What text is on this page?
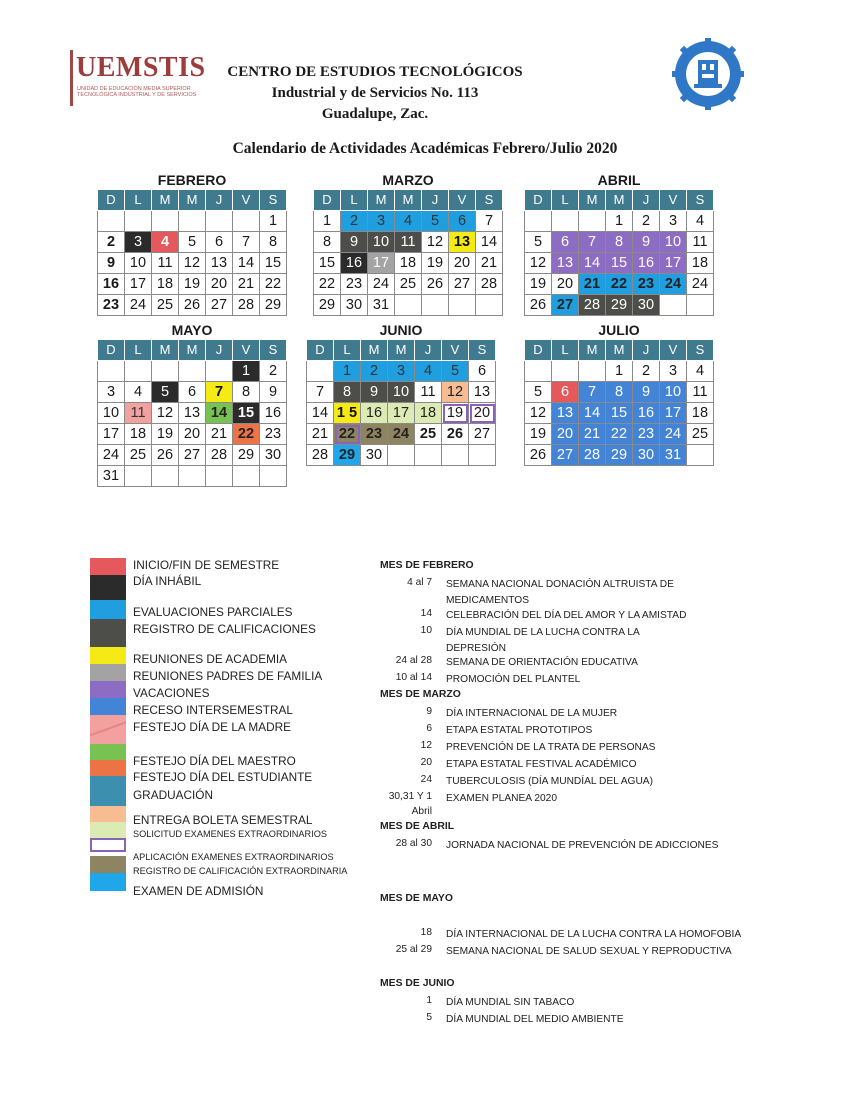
UEMSTIS
UNIDAD DE EDUCACIÓN MEDIA SUPERIOR TECNOLÓGICA INDUSTRIAL Y DE SERVICIOS
CENTRO DE ESTUDIOS TECNOLÓGICOS
Industrial y de Servicios No. 113
Guadalupe, Zac.
Calendario de Actividades Académicas Febrero/Julio 2020
FEBRERO
D	L	M	M	J	V	S
						1
2	3	4	5	6	7	8
9	10	11	12	13	14	15
16	17	18	19	20	21	22
23	24	25	26	27	28	29
MARZO
D	L	M	M	J	V	S
1	2	3	4	5	6	7
8	9	10	11	12	13	14
15	16	17	18	19	20	21
22	23	24	25	26	27	28
29	30	31				
ABRIL
D	L	M	M	J	V	S
			1	2	3	4
5	6	7	8	9	10	11
12	13	14	15	16	17	18
19	20	21	22	23	24	24
26	27	28	29	30		
MAYO
D	L	M	M	J	V	S
					1	2
3	4	5	6	7	8	9
10	11	12	13	14	15	16
17	18	19	20	21	22	23
24	25	26	27	28	29	30
31						
JUNIO
D	L	M	M	J	V	S
	1	2	3	4	5	6
7	8	9	10	11	12	13
14	1 5	16	17	18	19	20
21	22	23	24	25	26	27
28	29	30				
JULIO
D	L	M	M	J	V	S
			1	2	3	4
5	6	7	8	9	10	11
12	13	14	15	16	17	18
19	20	21	22	23	24	25
26	27	28	29	30	31	
INICIO/FIN DE SEMESTRE
DÍA INHÁBIL
EVALUACIONES PARCIALES
REGISTRO DE CALIFICACIONES
REUNIONES DE ACADEMIA
REUNIONES PADRES DE FAMILIA
VACACIONES
RECESO INTERSEMESTRAL
FESTEJO DÍA DE LA MADRE
FESTEJO DÍA DEL MAESTRO
FESTEJO DÍA DEL ESTUDIANTE
GRADUACIÓN
ENTREGA BOLETA SEMESTRAL
SOLICITUD EXAMENES EXTRAORDINARIOS
APLICACIÓN EXAMENES EXTRAORDINARIOS
REGISTRO DE CALIFICACIÓN EXTRAORDINARIA
EXAMEN DE ADMISIÓN
MES DE FEBRERO
4 al 7 SEMANA NACIONAL DONACIÓN ALTRUISTA DE MEDICAMENTOS
14 CELEBRACIÓN DEL DÍA DEL AMOR Y LA AMISTAD
10 DÍA MUNDIAL DE LA LUCHA CONTRA LA DEPRESIÓN
24 al 28 SEMANA DE ORIENTACIÓN EDUCATIVA
10 al 14 PROMOCIÓN DEL PLANTEL
MES DE MARZO
9 DÍA INTERNACIONAL DE LA MUJER
6 ETAPA ESTATAL PROTOTIPOS
12 PREVENCIÓN DE LA TRATA DE PERSONAS
20 ETAPA ESTATAL FESTIVAL ACADÉMICO
24 TUBERCULOSIS (DÍA MUNDÍAL DEL AGUA)
30,31 Y 1 EXAMEN PLANEA 2020
Abril
MES DE ABRIL
28 al 30 JORNADA NACIONAL DE PREVENCIÓN DE ADICCIONES
MES DE MAYO
18 DÍA INTERNACIONAL DE LA LUCHA CONTRA LA HOMOFOBIA
25 al 29 SEMANA NACIONAL DE SALUD SEXUAL Y REPRODUCTIVA
MES DE JUNIO
1 DÍA MUNDIAL SIN TABACO
5 DÍA MUNDIAL DEL MEDIO AMBIENTE
